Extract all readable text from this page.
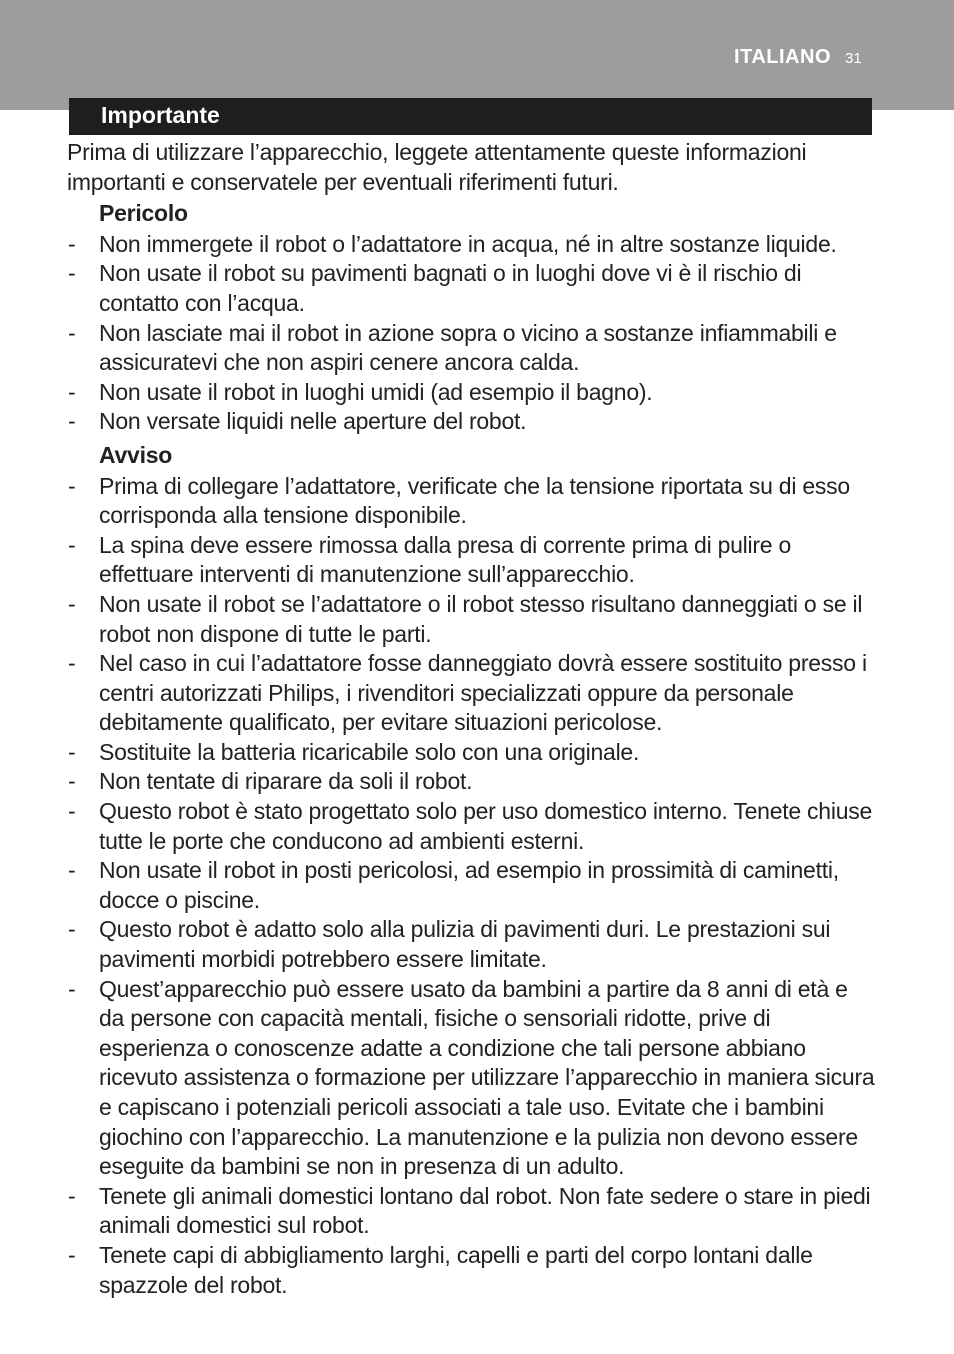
ITALIANO 31
Importante

Prima di utilizzare l’apparecchio, leggete attentamente queste informazioni importanti e conservatele per eventuali riferimenti futuri.

Pericolo
- Non immergete il robot o l’adattatore in acqua, né in altre sostanze liquide.
- Non usate il robot su pavimenti bagnati o in luoghi dove vi è il rischio di contatto con l’acqua.
- Non lasciate mai il robot in azione sopra o vicino a sostanze infiammabili e assicuratevi che non aspiri cenere ancora calda.
- Non usate il robot in luoghi umidi (ad esempio il bagno).
- Non versate liquidi nelle aperture del robot.
Avviso
- Prima di collegare l’adattatore, verificate che la tensione riportata su di esso corrisponda alla tensione disponibile.
- La spina deve essere rimossa dalla presa di corrente prima di pulire o effettuare interventi di manutenzione sull’apparecchio.
- Non usate il robot se l’adattatore o il robot stesso risultano danneggiati o se il robot non dispone di tutte le parti.
- Nel caso in cui l’adattatore fosse danneggiato dovrà essere sostituito presso i centri autorizzati Philips, i rivenditori specializzati oppure da personale debitamente qualificato, per evitare situazioni pericolose.
- Sostituite la batteria ricaricabile solo con una originale.
- Non tentate di riparare da soli il robot.
- Questo robot è stato progettato solo per uso domestico interno. Tenete chiuse tutte le porte che conducono ad ambienti esterni.
- Non usate il robot in posti pericolosi, ad esempio in prossimità di caminetti, docce o piscine.
- Questo robot è adatto solo alla pulizia di pavimenti duri. Le prestazioni sui pavimenti morbidi potrebbero essere limitate.
- Quest’apparecchio può essere usato da bambini a partire da 8 anni di età e da persone con capacità mentali, fisiche o sensoriali ridotte, prive di esperienza o conoscenze adatte a condizione che tali persone abbiano ricevuto assistenza o formazione per utilizzare l’apparecchio in maniera sicura e capiscano i potenziali pericoli associati a tale uso. Evitate che i bambini giochino con l’apparecchio. La manutenzione e la pulizia non devono essere eseguite da bambini se non in presenza di un adulto.
- Tenete gli animali domestici lontano dal robot. Non fate sedere o stare in piedi animali domestici sul robot.
- Tenete capi di abbigliamento larghi, capelli e parti del corpo lontani dalle spazzole del robot.
